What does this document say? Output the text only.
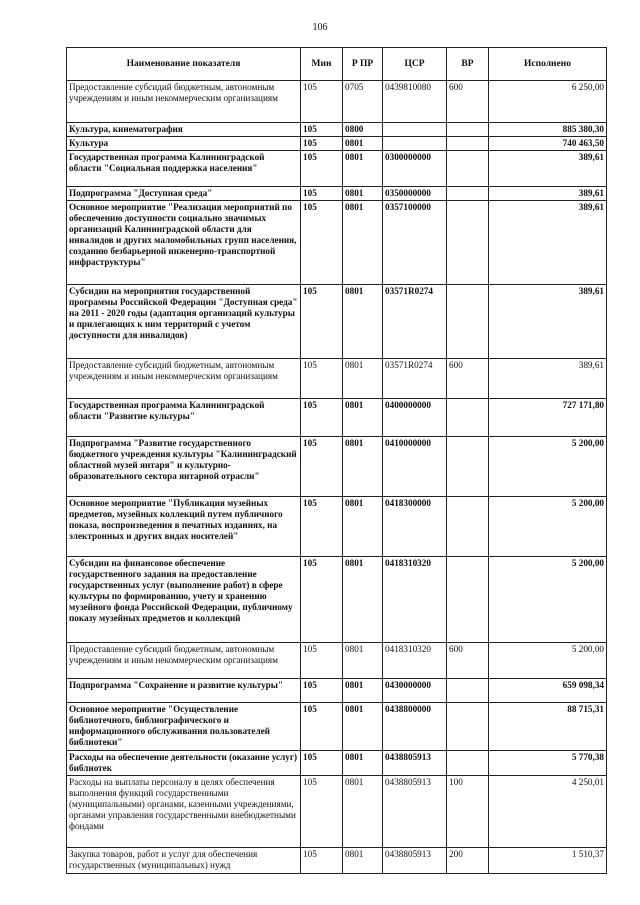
106
Наименование показателя	Мин	Р ПР	ЦСР	ВР	Исполнено
Предоставление субсидий бюджетным, автономным учреждениям и иным некоммерческим организациям	105	0705	0439810080	600	6 250,00
Культура, кинематография	105	0800			885 380,30
Культура	105	0801			740 463,50
Государственная программа Калининградской области "Социальная поддержка населения"	105	0801	0300000000		389,61
Подпрограмма "Доступная среда"	105	0801	0350000000		389,61
Основное мероприятие "Реализация мероприятий по обеспечению доступности социально значимых организаций Калининградской области для инвалидов и других маломобильных групп населения, созданию безбарьерной инженерно-транспортной инфраструктуры"	105	0801	0357100000		389,61
Субсидии на мероприятия государственной программы Российской Федерации "Доступная среда" на 2011 - 2020 годы (адаптация организаций культуры и прилегающих к ним территорий с учетом доступности для инвалидов)	105	0801	03571R0274		389,61
Предоставление субсидий бюджетным, автономным учреждениям и иным некоммерческим организациям	105	0801	03571R0274	600	389,61
Государственная программа Калининградской области "Развитие культуры"	105	0801	0400000000		727 171,80
Подпрограмма "Развитие государственного бюджетного учреждения культуры "Калининградский областной музей янтаря" и культурно-образовательного сектора янтарной отрасли"	105	0801	0410000000		5 200,00
Основное мероприятие "Публикация музейных предметов, музейных коллекций путем публичного показа, воспроизведения в печатных изданиях, на электронных и других видах носителей"	105	0801	0418300000		5 200,00
Субсидии на финансовое обеспечение государственного задания на предоставление государственных услуг (выполнение работ) в сфере культуры по формированию, учету и хранению музейного фонда Российской Федерации, публичному показу музейных предметов и коллекций	105	0801	0418310320		5 200,00
Предоставление субсидий бюджетным, автономным учреждениям и иным некоммерческим организациям	105	0801	0418310320	600	5 200,00
Подпрограмма "Сохранение и развитие культуры"	105	0801	0430000000		659 098,34
Основное мероприятие "Осуществление библиотечного, библиографического и информационного обслуживания пользователей библиотеки"	105	0801	0438800000		88 715,31
Расходы на обеспечение деятельности (оказание услуг) библиотек	105	0801	0438805913		5 770,38
Расходы на выплаты персоналу в целях обеспечения выполнения функций государственными (муниципальными) органами, казенными учреждениями, органами управления государственными внебюджетными фондами	105	0801	0438805913	100	4 250,01
Закупка товаров, работ и услуг для обеспечения государственных (муниципальных) нужд	105	0801	0438805913	200	1 510,37
